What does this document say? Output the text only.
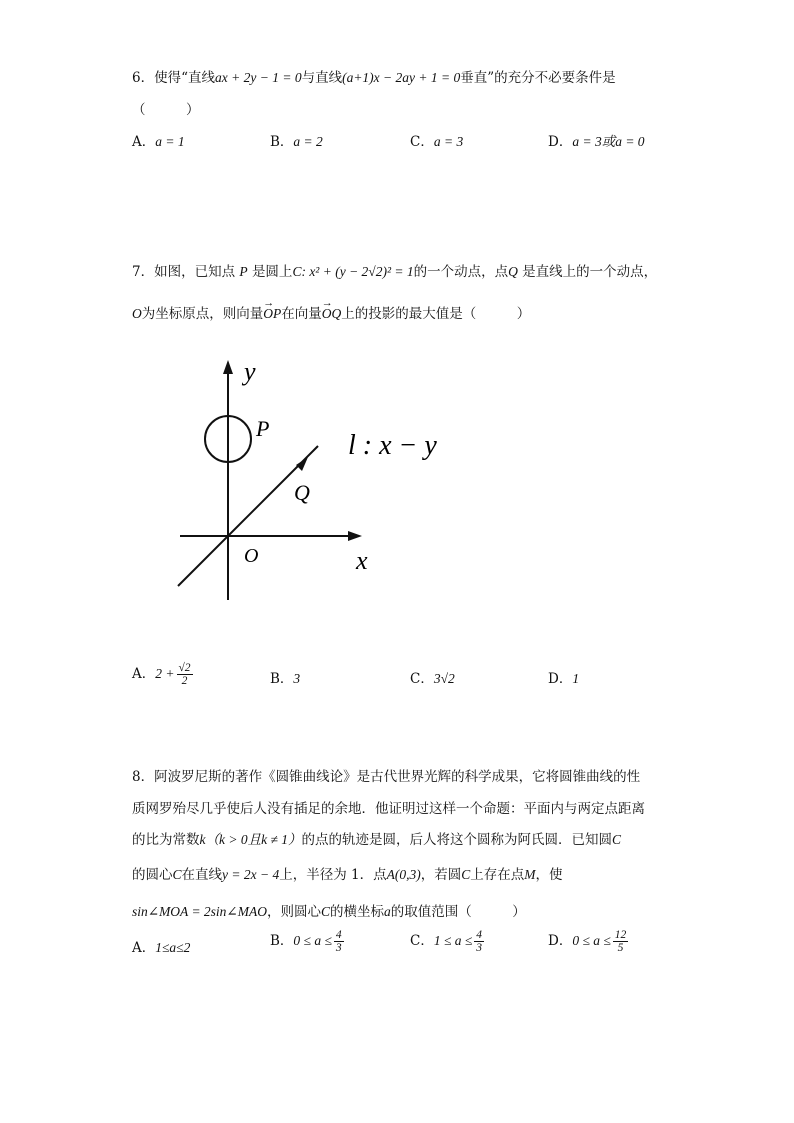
6．使得“直线ax + 2y − 1 = 0与直线(a+1)x − 2ay + 1 = 0垂直”的充分不必要条件是
（　　　）
A．a = 1	B．a = 2	C．a = 3	D．a = 3或a = 0
7．如图，已知点 P 是圆上C: x² + (y − 2√2)² = 1的一个动点，点Q 是直线上的一个动点，
O为坐标原点，则向量
→
OP在向量
→
OQ上的投影的最大值是（　　　）
y
x
O
P
Q
l : x − y
A．$2 + \frac{√2}{2}$	B．3	C．3√2	D．1
8．阿波罗尼斯的著作《圆锥曲线论》是古代世界光辉的科学成果，它将圆锥曲线的性
质网罗殆尽几乎使后人没有插足的余地．他证明过这样一个命题：平面内与两定点距离
的比为常数k（k > 0且k ≠ 1）的点的轨迹是圆，后人将这个圆称为阿氏圆．已知圆C
的圆心C在直线y = 2x − 4上，半径为 1．点A(0,3)，若圆C上存在点M，使
sin∠MOA = 2sin∠MAO，则圆心C的横坐标a的取值范围（　　　）
A．1≤a≤2	B．$0 \le a \le \frac{4}{3}$	C．$1 \le a \le \frac{4}{3}$	D．$0 \le a \le \frac{12}{5}$
